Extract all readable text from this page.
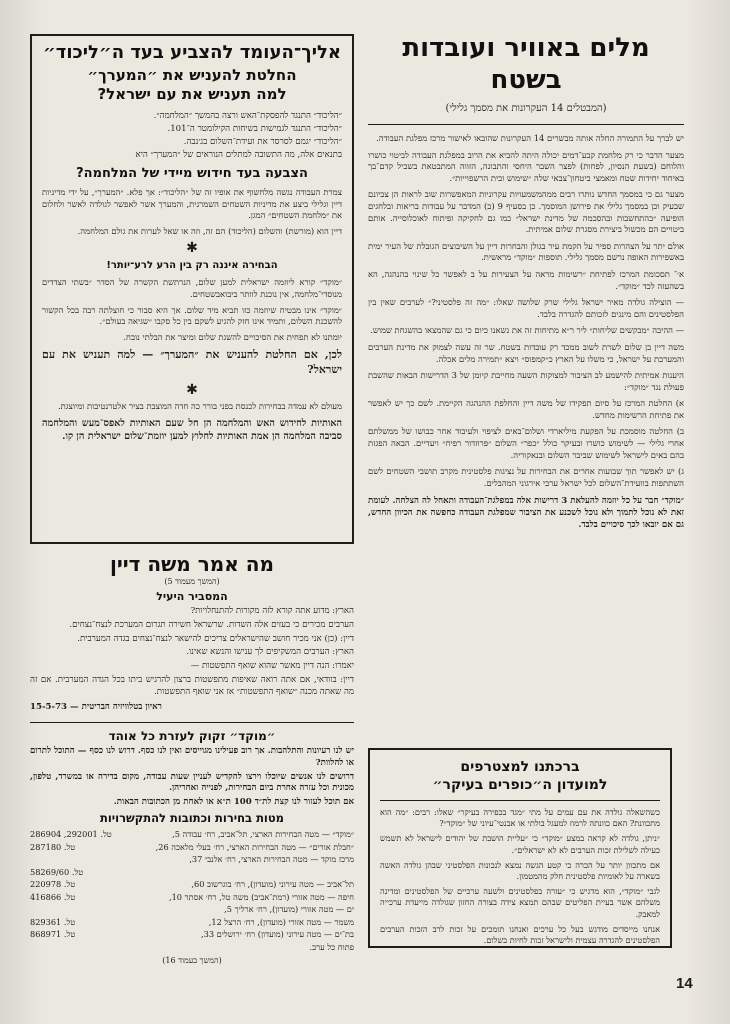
מלים באוויר ועובדות בשטח
(המבטלים 14 העקרונות את מסמך גלילי)

יש לברך על התמורה החלה אותה מבשרים 14 העקרונות שהובאו לאישור מרכז מפלגת העבודה.

מצער הדבר כי רק מלחמת קבע־דמים יכולה היתה להביא את הרוב במפלגת העבודה לביטוי כושרו והלוחם (בשעת הנסיון, לפחות) לפצר השבר היחסי והתבונה, הזווה המתבטאת בשביל קדם־בך באיחוד יחידות שטח ומאמצי ביטחון־צבאי שלה ״שימוש ובית הרשפוייות״.

מצער גם כי במסמך החדש נותרו רבים ממהמשמעויות עקרוניות המאפשרות שוב לראות הן צביונם שבעיק וכן במסמך גלילי את פירושן המוסמך. כן בסעיף 9 (ב) המדבר על עבודות בריאות ובלחגים הופיעה ״בהתחשבות ובהסכמה של מדינת ישראל״ כמו גם לחקיקה ופיתוח לאוכלוסייה. אותם ביטויים הם מכשול ביצירת מסגרת שלום אמיתית.

אולם יתר על הצהרות ספיר על הקמת עיר בגולן והבחרות דיין על השיבוצים הגובלת של העיר ימית באשפירות האופה נרשם מסמך גלילי. תוספות ״מוקד״ מראשית.

א׳־ תסכומת המרכז לפתיחת ״רשימות מראה על הצעירות על ב לאפשר כל שינוי בהנהגה, הא בשהעזה לכד ״מוקד״.

— הוצילה גולדה מאיר ישראל גלילי שרק שלושה שאלו: ״מה זה פלסטיני?״ לערבים שאין בין הפלסטינים והם מינגים לזכותם להגדרה בלבד.

— ההיבה ״מבקשים שליחות״ ליר ר״א מתיחות זה את נשאנו כיום כי גם שהמצאו בהשגחת שמוש.

משה דיין בן שלום לשרת לשוב ממכד רק עובדות בשטח. שר זה עשה לצמוק את מדינת הערבים והמערכת על ישראל, כי משלו על הארץ כ״קמפוס״ ויצא ״תמירה מלים אכלה.

היענות אמיתית להישמע לב הציבור למצוקות השעה מחייבת קיומן של 3 הדרישות הבאות שהשבת פעולת נגד ״מוקד״:

א) החלטת המרכז על סיום תפקידו של משה דיין והחלפת ההנהגה הקיימת. לשם כך יש לאפשר את פתיחת הרשימות מחדש.

ב) החלטה מוסמכת על הפקעת מיליארדי ושלום־באים לציפוי ולעיבוד אחר כבושו של ממשלתם אחרי גלילי — לשימוש כושרו ובעיקר כולל ״כפר״ השלום ״פרוזדור רפיח״ ויעדיים. הבאה הפגזת בהם באים לישראל לשימוש שביבר השלום ובנאקוריה.

ג) יש לאפשר תוך שבועות אחרים את הבחירות על נציגות פלסטינית מקרב תושבי השטחים לשם השתתפות בוועידת־השלום לכל ישראל ערבי אירגוני המהבלים.

״מוקד״ חבר על כל יוזמה להעלאת 3 דרישות אלה במפלגת־העבודה ותאחל לה הצלחה. לעומת זאת לא נוכל לתמוך ולא נוכל לשכנע את הציבור שמפלגת העבודה כחפשה את הכיוון החדש, גם אם יובאו לכך סיכויים בלבד.

אליך־העומד להצביע בעד ה״ליכוד״
החלטת להעניש את ״המערך״
למה תעניש את עם ישראל?

״הליכוד״ התנגד להפסקת־האש ורצה בהמשך ״המלחמה״.

״הליכוד״ התנגד לגמישות בשיחות הקילומטר ה־101.

״הליכוד״ יגמם לסרסר את ועידת־השלום בג׳נבה.

בתנאים אלה, מה התשובה למתלים הנוראים של ״המערך״ היא

הצבעה בעד חידוש מיידי של המלחמה?

צמרת העבודה נגשה מלחשוף את אופיו זה של ״הליכוד״: אך פלא. ״המערך״, על ידי מדיניות דיין וגלילי ביצע את מדיניות השטחים השמרנית, והמערך אשר לאפשר לגולדה לאשר ולחלום את ״מלחמת השטחים״ המגן.

דיין הוא (מורשת) והשלום (הליכוד) הם זה, וזה או שאל לערות את גולם המלחמה.

✱
הבחירה איננה רק בין הרע לרע־יותר!

״מוקד״ קורא ליוזמה ישראלית למען שלום, הנרתשת הקשרה של הסדר ״בשתי הצדדים מנוסדי־מלחמה, אין נוכנת לוותר ביבואבשטחים.

״מוקד״ אינו מבטיח שיוזמה כזו תביא מיד שלום. אך היא סבור כי חוצלתה רבה בכל הקשור להשכנת השלום, ותמיד אינו חזק להגיע לשקם בין כל סקבו ״שגיאה בעולם״.

יומתנו לא תפחית את הסיכויים להשגת שלום ומיצר את הבלתי נובח.

לכן, אם החלטת להעניש את ״המערך״ — למה תעניש את עם ישראל?

✱

מעולם לא עמדה בבחירות לכנסת בפני בורר כה חדה המוצבת בציר אלטרנטיבות ומיוצגת.

האותיות לחידוש האש והמלחמה הן חל שעם האותיות לאפס־מעש והמלחמה סביבה המלחמה הן אמת האותיות לחלוץ למען יוזמת־שלום ישראלית הן קו.

מה אמר משה דיין
(המשך מעמוד 5)
המסביר היעיל

הארץ: מדוע אתה קורא לזה מקורות להתנחלויות?

הערבים מכירים כי בעזים אלה השדות. שרשראל חשירה תגרום המערכת לנצח־נצחים.

דיין: (כן) אני מכיר חושב שהישראלים צריכים להישאר לנצח־נצחים בגדה המערבית.

הארץ: הערבים המשקיפים לך ענישו והנשא שאינו.

יאמרו: הנה דיין מאשר שהוא שואף התפשטות —

דיין: בוודאי, אם אתה רואה שאיפות מתפשטות ברצון להרגיש ביתו בכל הגדה המערבית. אם זה מה שאתה מכנה ״שואף התפשטות״ אז אני שואף התפשטות.

ראיון בטלוויזיה הבריטית — 15-5-73
״מוקד״ זקוק לעזרת כל אוהד

יש לנו רעיונות והתלהבות. אך רוב פעילינו מגוייסים ואין לנו כסף. דרוש לנו כסף — התוכל לתרום או להלוות?

דרושים לנו אנשים שיוכלו וירצו להקדיש לעניין שעות עבודה, מקום בדירה או במשרד, טלפון, מכונית וכל עזרה אחרת ביום הבחירות, לפנייה ואחריהן.

אם תוכל לעזור לנו קצת לת״ד 100 ת״א או לאחת מן הכתובות הבאות.

מטות בחירות וכתובות להתקשרויות
״מוקד״ — מטה הבחירות הארצי, תל־אביב, רח׳ עבודה 5,
טל. 292001, 286904
״חבלת אורים״ — מטה הבחירות הארצי, רח׳ בעלי מלאכה 26,
טל. 287180
מרכז מוקד — מטה הבחירות הארצי, רח׳ אלנבי 37,
טל. 58269/60
תל־אביב — מטה עירוני (מועדון), רח׳ בוגרשוב 60,
טל. 220978
חיפה — מטה אזורי (רמת־אביב) משה טל, רח׳ אסתר 10,
טל. 416866
ים — מטה אזורי (מועדון), רח׳ ארליך 5,
משמר — מטה אזורי (מועדון), רח׳ הרצל 12,
טל. 829361
בת־ים — מטה עירוני (מועדון) רח׳ ירושלים 33,
טל. 868971
פתוח כל ערב.
(המשך בעמוד 16)
ברכתנו למצטרפים
למועדון ה״כופרים בעיקר״

כשהשאלה גולדה את עם עמים על מתי ״מגד בכפירה בעיקר״ שאלו: רבים: ״מה הוא מתכוונת? האם כוונתה לרמוז למעגל בולתי או אבנטי־עיוני של ״מוקד״?

״ניתן, גולדה לא קראה במצע ״מוקד״ כי ״עליית הושבת של יהודים לישראל לא תשמש כעילה לשלילת זכות הערבים לא לא ישראלים״.

אם מתכוון יותר על הכרה כי קטע הגשה נמצא לנכונות הפלסטיני שבהן גולדה האשה בשארה על לאומיות פלסטינית חלק מהמטמון.

לגבי ״מוקד״, הוא מדגיש כי ״עזרה בפלסטינים ולשעה ערכיים של הפלסטינים ומדינה משלהם אשר בעיית הפליטים שבהם תמצא צידה בצורה החזון שגולדה מייעדת ערכייה למאבק.

אנחנו מייסדים מודגש בעל כל ערכים ואנחנו תומכים על זכות לרב הזכות הערבים הפלסטינים להגדרה עצמית ולישראל זכות לחיות בשלום.

14
